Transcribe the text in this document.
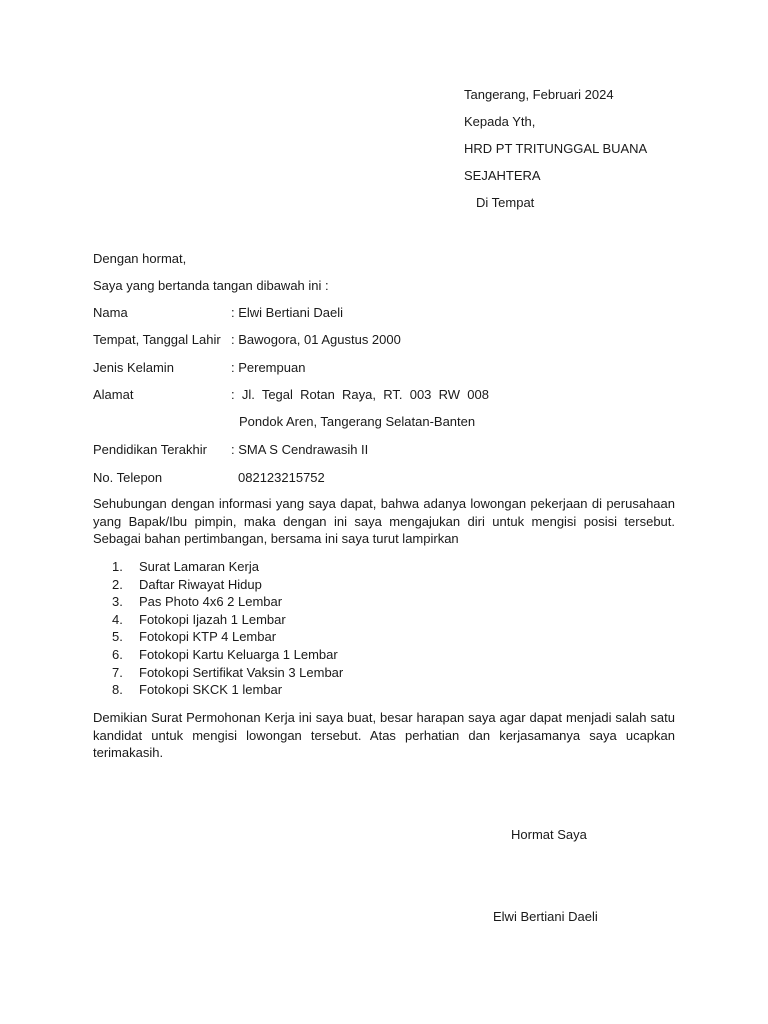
Tangerang, Februari 2024
Kepada Yth,
HRD PT TRITUNGGAL BUANA
SEJAHTERA
Di Tempat
Dengan hormat,
Saya yang bertanda tangan dibawah ini :
Nama	: Elwi Bertiani Daeli
Tempat, Tanggal Lahir : Bawogora, 01 Agustus 2000
Jenis Kelamin	: Perempuan
Alamat	:  Jl.  Tegal  Rotan  Raya,  RT.  003  RW  008
Pondok Aren, Tangerang Selatan-Banten
Pendidikan Terakhir : SMA S Cendrawasih II
No. Telepon	082123215752
Sehubungan dengan informasi yang saya dapat, bahwa adanya lowongan pekerjaan di perusahaan yang Bapak/Ibu pimpin, maka dengan ini saya mengajukan diri untuk mengisi posisi tersebut. Sebagai bahan pertimbangan, bersama ini saya turut lampirkan
1. Surat Lamaran Kerja
2. Daftar Riwayat Hidup
3. Pas Photo 4x6 2 Lembar
4. Fotokopi Ijazah 1 Lembar
5. Fotokopi KTP 4 Lembar
6. Fotokopi Kartu Keluarga 1 Lembar
7. Fotokopi Sertifikat Vaksin 3 Lembar
8. Fotokopi SKCK 1 lembar
Demikian Surat Permohonan Kerja ini saya buat, besar harapan saya agar dapat menjadi salah satu kandidat untuk mengisi lowongan tersebut. Atas perhatian dan kerjasamanya saya ucapkan terimakasih.
Hormat Saya
Elwi Bertiani Daeli
